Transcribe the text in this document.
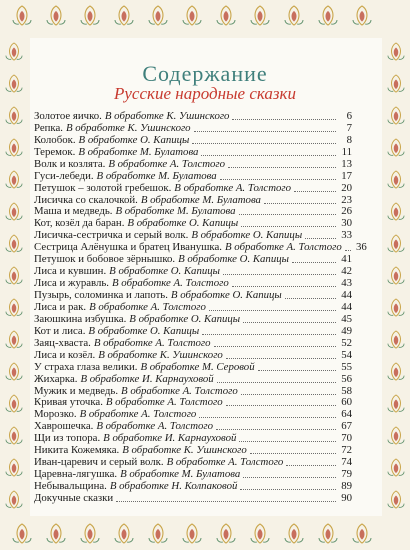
Содержание
Русские народные сказки
Золотое яичко. В обработке К. Ушинского	6
Репка. В обработке К. Ушинского	7
Колобок. В обработке О. Капицы	8
Теремок. В обработке М. Булатова	11
Волк и козлята. В обработке А. Толстого	13
Гуси-лебеди. В обработке М. Булатова	17
Петушок – золотой гребешок. В обработке А. Толстого	20
Лисичка со скалочкой. В обработке М. Булатова	23
Маша и медведь. В обработке М. Булатова	26
Кот, козёл да баран. В обработке О. Капицы	30
Лисичка-сестричка и серый волк. В обработке О. Капицы	33
Сестрица Алёнушка и братец Иванушка. В обработке А. Толстого 36
Петушок и бобовое зёрнышко. В обработке О. Капицы	41
Лиса и кувшин. В обработке О. Капицы	42
Лиса и журавль. В обработке А. Толстого	43
Пузырь, соломинка и лапоть. В обработке О. Капицы	44
Лиса и рак. В обработке А. Толстого	44
Заюшкина избушка. В обработке О. Капицы	45
Кот и лиса. В обработке О. Капицы	49
Заяц-хваста. В обработке А. Толстого	52
Лиса и козёл. В обработке К. Ушинского	54
У страха глаза велики. В обработке М. Серовой	55
Жихарка. В обработке И. Карнауховой	56
Мужик и медведь. В обработке А. Толстого	58
Кривая уточка. В обработке А. Толстого	60
Морозко. В обработке А. Толстого	64
Хаврошечка. В обработке А. Толстого	67
Щи из топора. В обработке И. Карнауховой	70
Никита Кожемяка. В обработке К. Ушинского	72
Иван-царевич и серый волк. В обработке А. Толстого	74
Царевна-лягушка. В обработке М. Булатова	79
Небывальщина. В обработке Н. Колпаковой	89
Докучные сказки	90
